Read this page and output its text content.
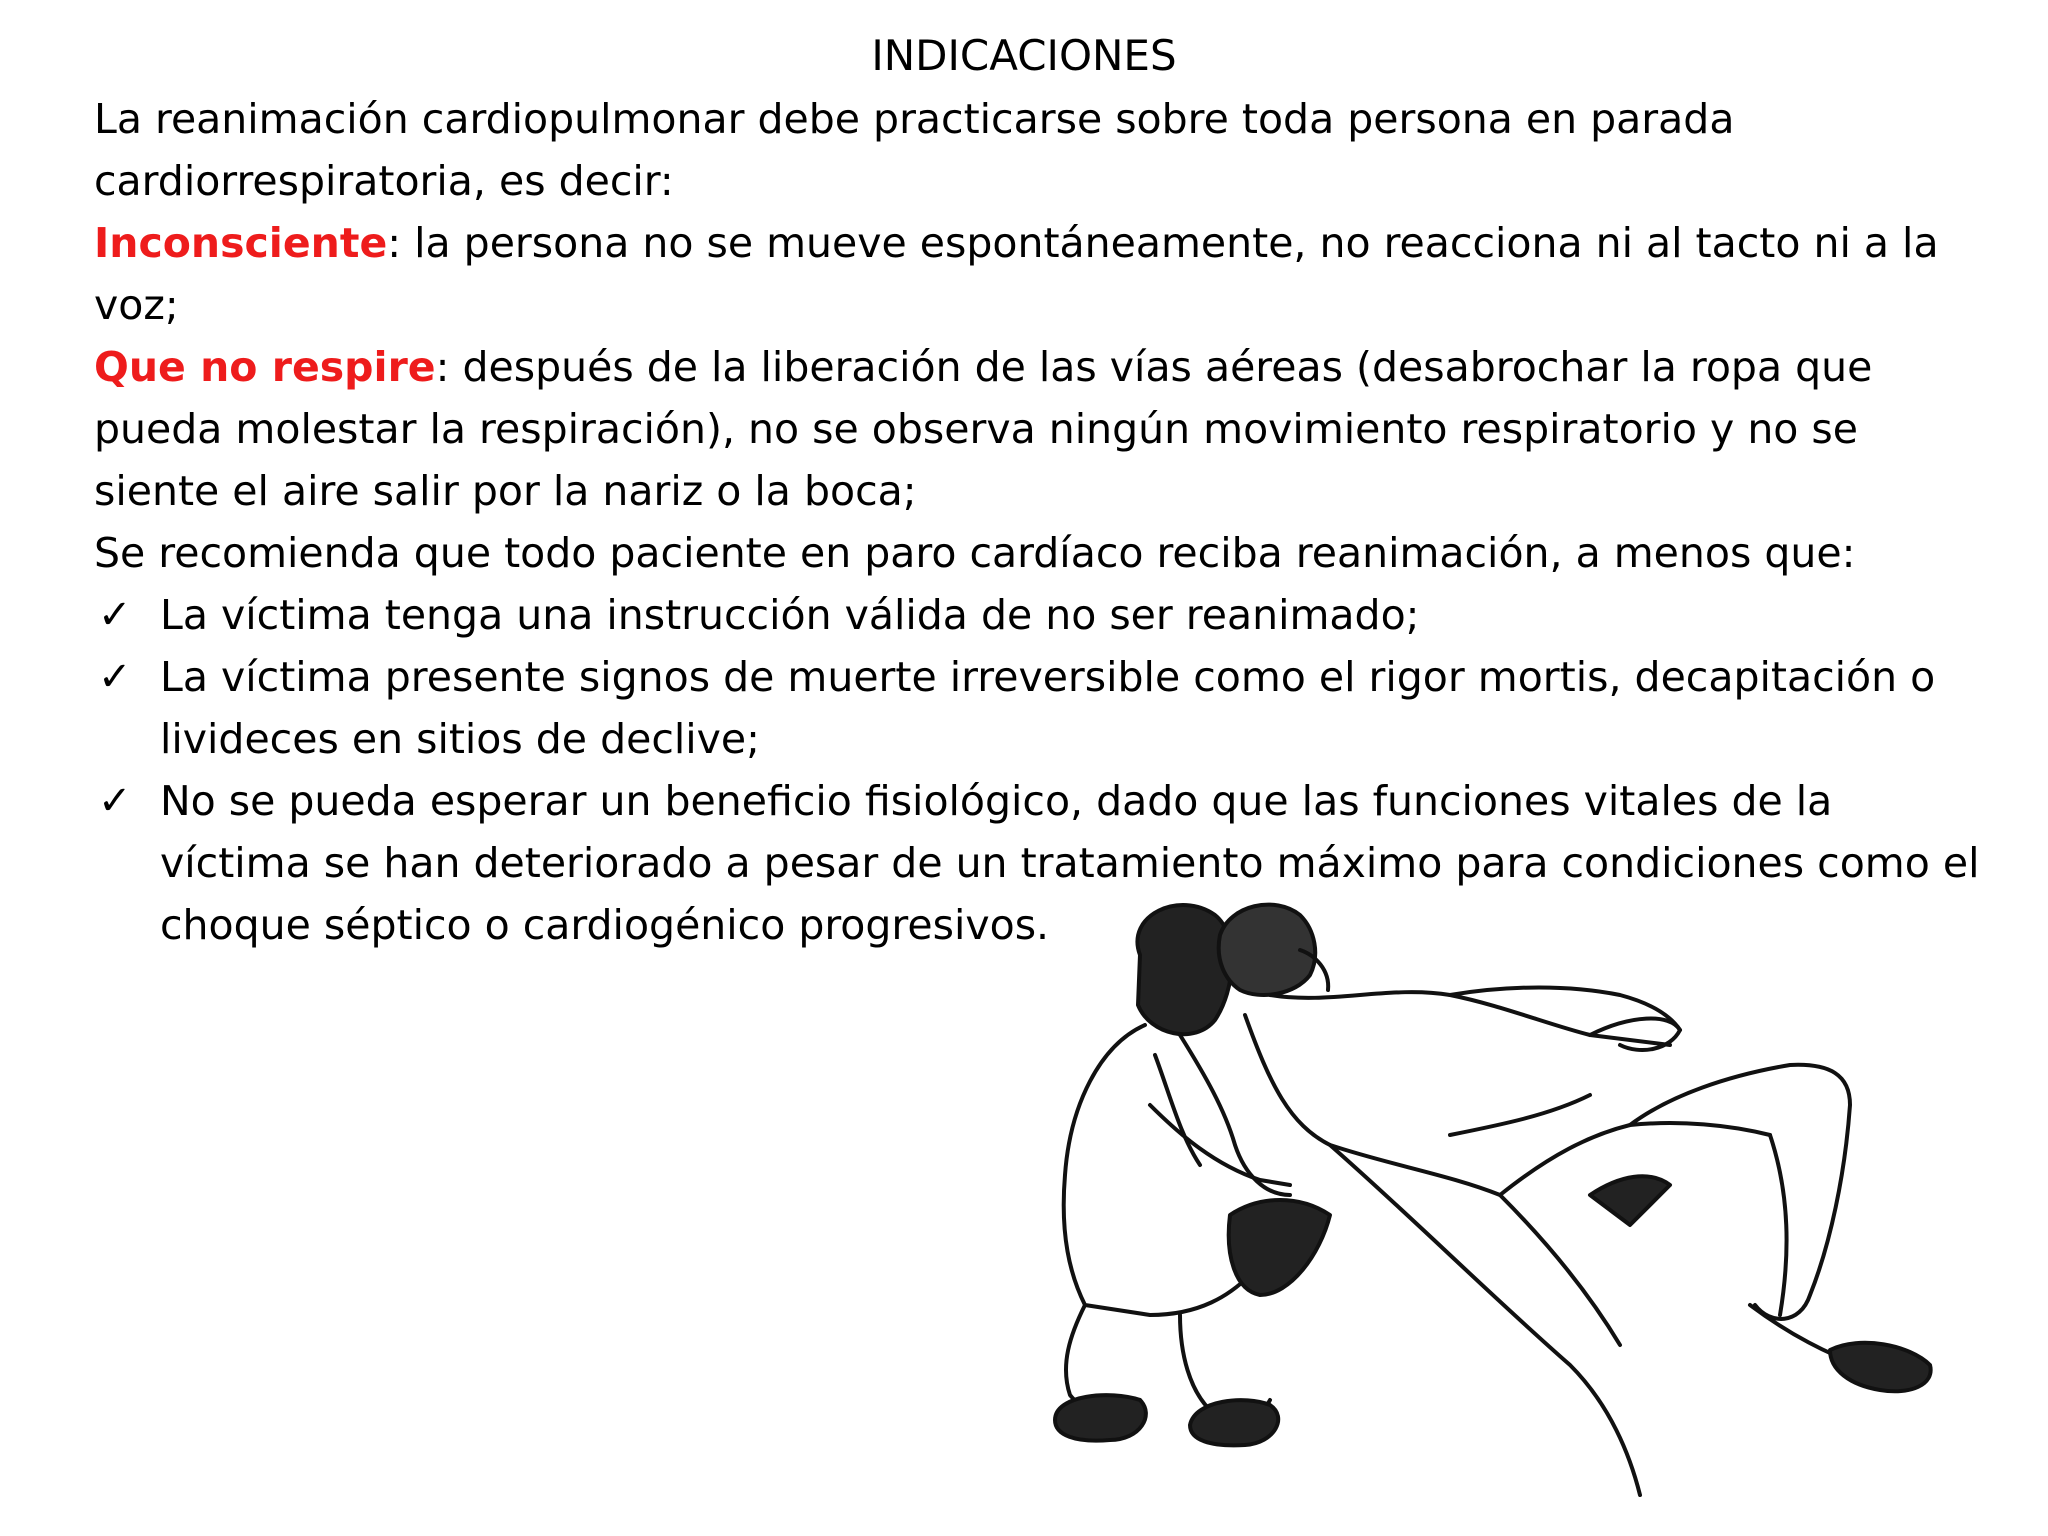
INDICACIONES

La reanimación cardiopulmonar debe practicarse sobre toda persona en parada cardiorrespiratoria, es decir:

Inconsciente: la persona no se mueve espontáneamente, no reacciona ni al tacto ni a la voz;

Que no respire: después de la liberación de las vías aéreas (desabrochar la ropa que pueda molestar la respiración), no se observa ningún movimiento respiratorio y no se siente el aire salir por la nariz o la boca;

Se recomienda que todo paciente en paro cardíaco reciba reanimación, a menos que:

✓ La víctima tenga una instrucción válida de no ser reanimado;
✓ La víctima presente signos de muerte irreversible como el rigor mortis, decapitación o livideces en sitios de declive;
✓ No se pueda esperar un beneficio fisiológico, dado que las funciones vitales de la víctima se han deteriorado a pesar de un tratamiento máximo para condiciones como el choque séptico o cardiogénico progresivos.
